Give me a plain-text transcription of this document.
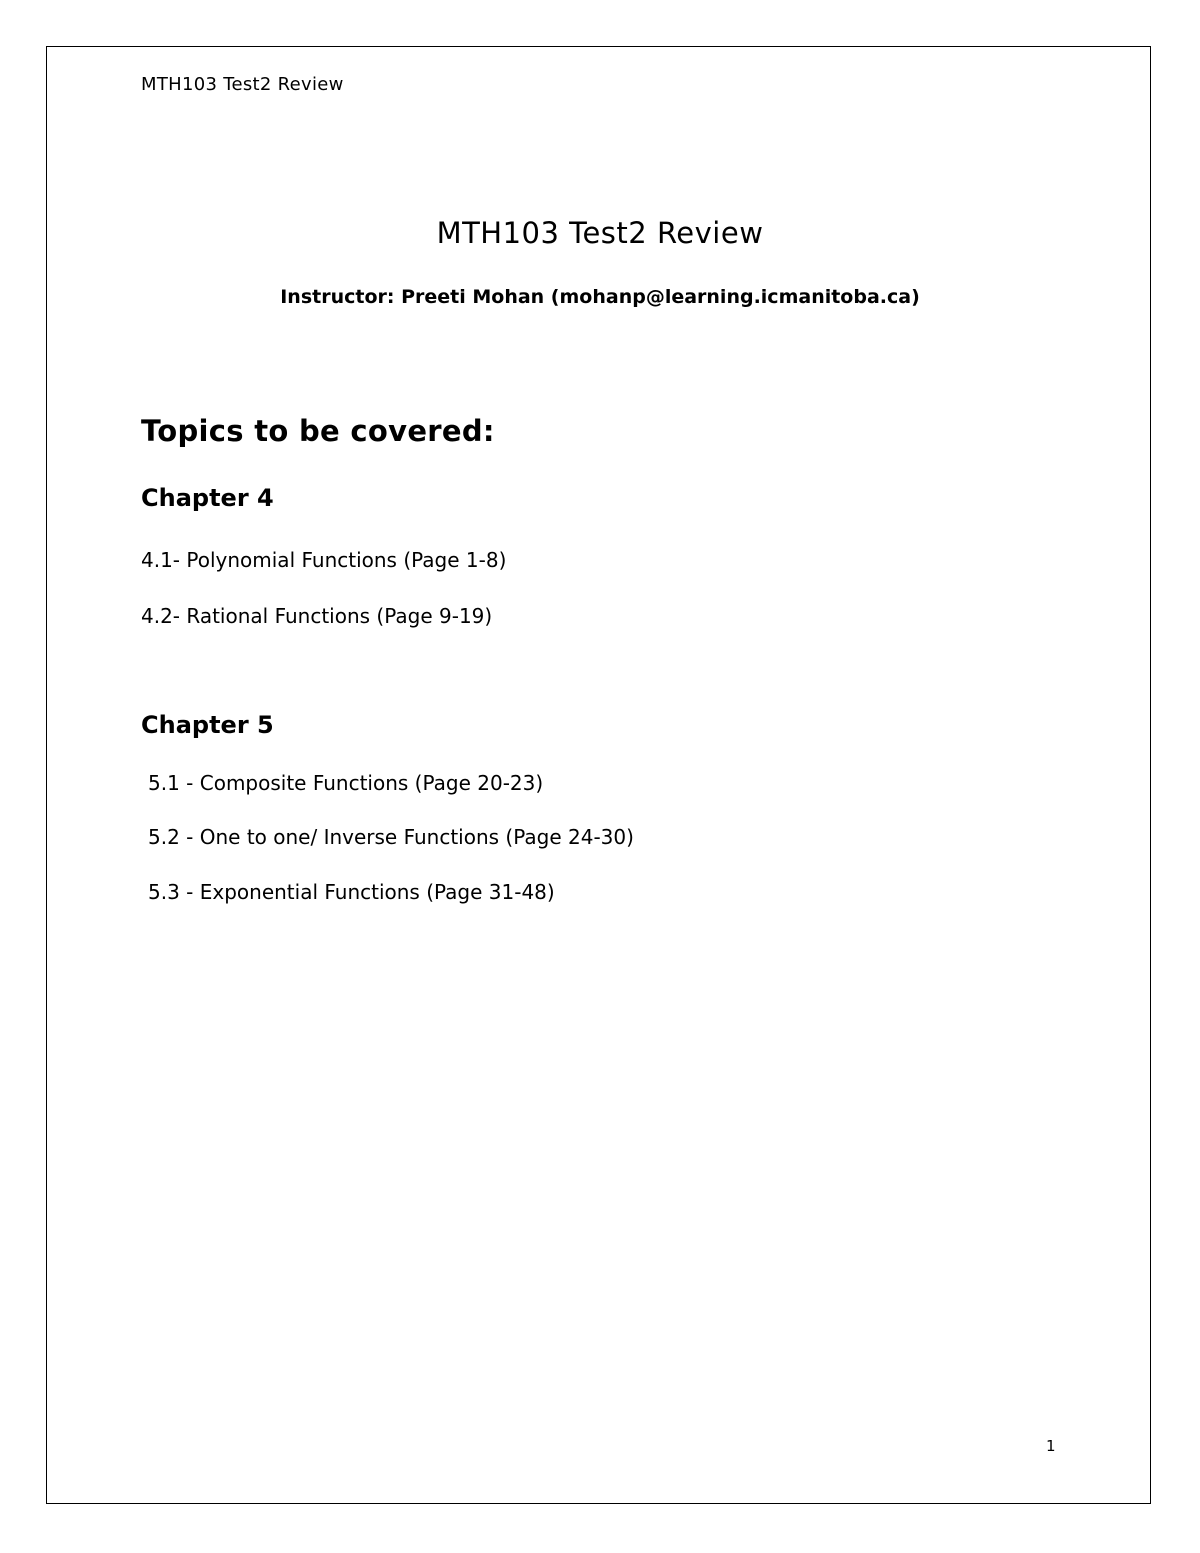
MTH103 Test2 Review
MTH103 Test2 Review
Instructor: Preeti Mohan (mohanp@learning.icmanitoba.ca)
Topics to be covered:
Chapter 4
4.1- Polynomial Functions (Page 1-8)
4.2- Rational Functions (Page 9-19)
Chapter 5
5.1 - Composite Functions (Page 20-23)
5.2 - One to one/ Inverse Functions (Page 24-30)
5.3 - Exponential Functions (Page 31-48)
1
